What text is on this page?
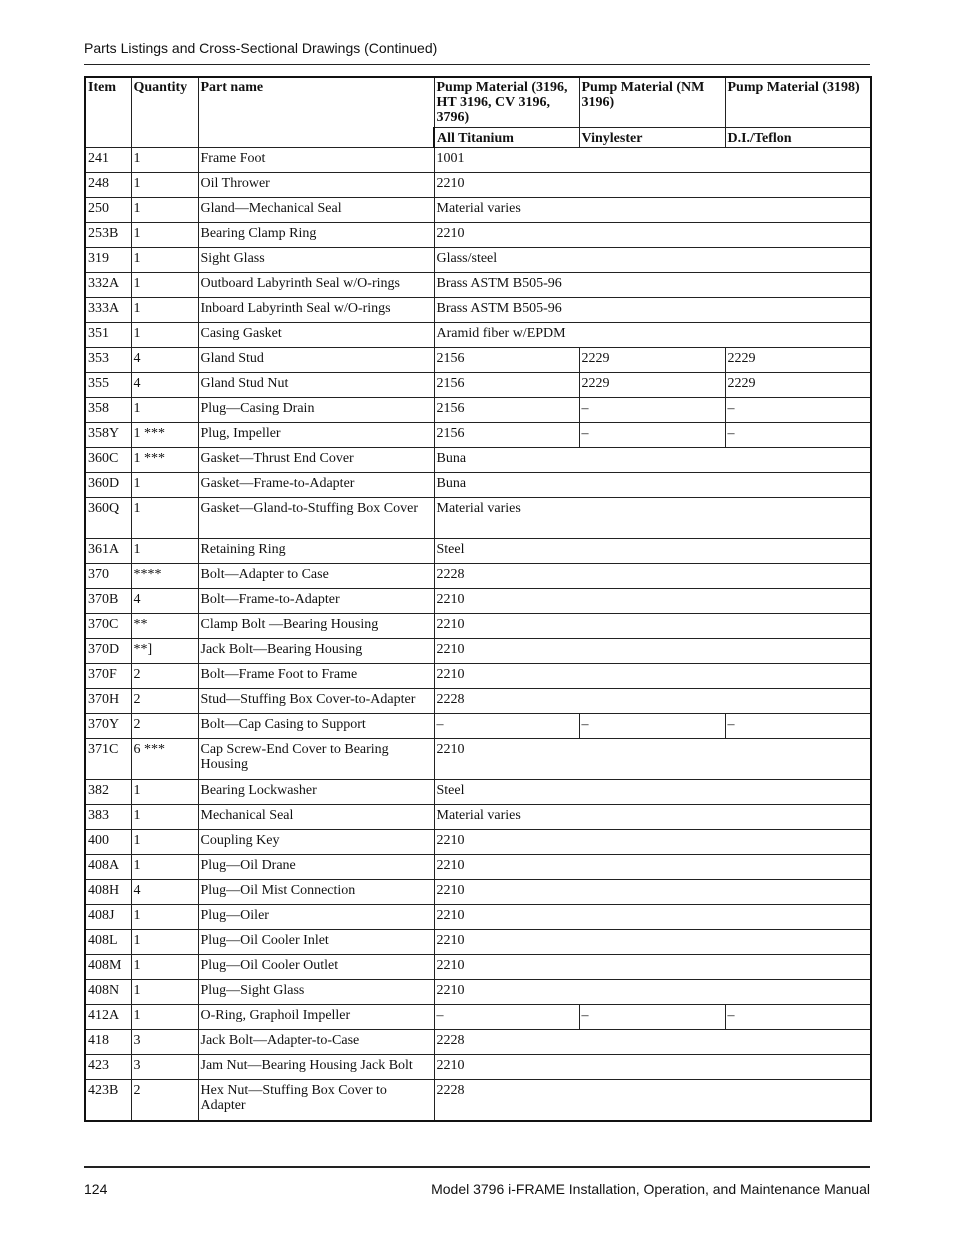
Parts Listings and Cross-Sectional Drawings (Continued)
Item	Quantity	Part name	Pump Material (3196, HT 3196, CV 3196, 3796)	Pump Material (NM 3196)	Pump Material (3198)
			All Titanium	Vinylester	D.I./Teflon
241	1	Frame Foot	1001		
248	1	Oil Thrower	2210		
250	1	Gland—Mechanical Seal	Material varies		
253B	1	Bearing Clamp Ring	2210		
319	1	Sight Glass	Glass/steel		
332A	1	Outboard Labyrinth Seal w/O-rings	Brass ASTM B505-96		
333A	1	Inboard Labyrinth Seal w/O-rings	Brass ASTM B505-96		
351	1	Casing Gasket	Aramid fiber w/EPDM		
353	4	Gland Stud	2156	2229	2229
355	4	Gland Stud Nut	2156	2229	2229
358	1	Plug—Casing Drain	2156	–	–
358Y	1 ***	Plug, Impeller	2156	–	–
360C	1 ***	Gasket—Thrust End Cover	Buna		
360D	1	Gasket—Frame-to-Adapter	Buna		
360Q	1	Gasket—Gland-to-Stuffing Box Cover	Material varies		
361A	1	Retaining Ring	Steel		
370	****	Bolt—Adapter to Case	2228		
370B	4	Bolt—Frame-to-Adapter	2210		
370C	**	Clamp Bolt —Bearing Housing	2210		
370D	**]	Jack Bolt—Bearing Housing	2210		
370F	2	Bolt—Frame Foot to Frame	2210		
370H	2	Stud—Stuffing Box Cover-to-Adapter	2228		
370Y	2	Bolt—Cap Casing to Support	–	–	–
371C	6 ***	Cap Screw-End Cover to Bearing Housing	2210		
382	1	Bearing Lockwasher	Steel		
383	1	Mechanical Seal	Material varies		
400	1	Coupling Key	2210		
408A	1	Plug—Oil Drane	2210		
408H	4	Plug—Oil Mist Connection	2210		
408J	1	Plug—Oiler	2210		
408L	1	Plug—Oil Cooler Inlet	2210		
408M	1	Plug—Oil Cooler Outlet	2210		
408N	1	Plug—Sight Glass	2210		
412A	1	O-Ring, Graphoil Impeller	–	–	–
418	3	Jack Bolt—Adapter-to-Case	2228		
423	3	Jam Nut—Bearing Housing Jack Bolt	2210		
423B	2	Hex Nut—Stuffing Box Cover to Adapter	2228		
124	Model 3796 i-FRAME Installation, Operation, and Maintenance Manual
